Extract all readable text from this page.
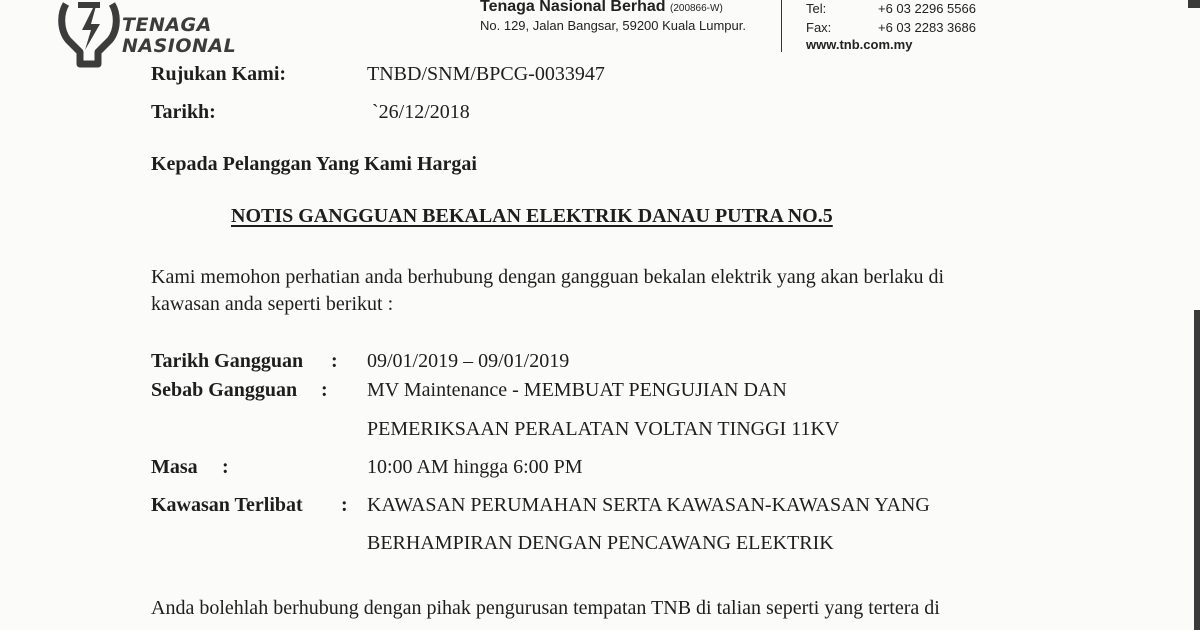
TENAGA
NASIONAL
Tenaga Nasional Berhad (200866-W)
No. 129, Jalan Bangsar, 59200 Kuala Lumpur.
Tel:	+6 03 2296 5566
Fax:	+6 03 2283 3686
www.tnb.com.my
Rujukan Kami:	TNBD/SNM/BPCG-0033947
Tarikh:	`26/12/2018
Kepada Pelanggan Yang Kami Hargai
NOTIS GANGGUAN BEKALAN ELEKTRIK DANAU PUTRA NO.5
Kami memohon perhatian anda berhubung dengan gangguan bekalan elektrik yang akan berlaku di
kawasan anda seperti berikut :
Tarikh Gangguan : 09/01/2019 – 09/01/2019
Sebab Gangguan : MV Maintenance - MEMBUAT PENGUJIAN DAN
PEMERIKSAAN PERALATAN VOLTAN TINGGI 11KV
Masa :	10:00 AM hingga 6:00 PM
Kawasan Terlibat : KAWASAN PERUMAHAN SERTA KAWASAN-KAWASAN YANG
BERHAMPIRAN DENGAN PENCAWANG ELEKTRIK
Anda bolehlah berhubung dengan pihak pengurusan tempatan TNB di talian seperti yang tertera di
